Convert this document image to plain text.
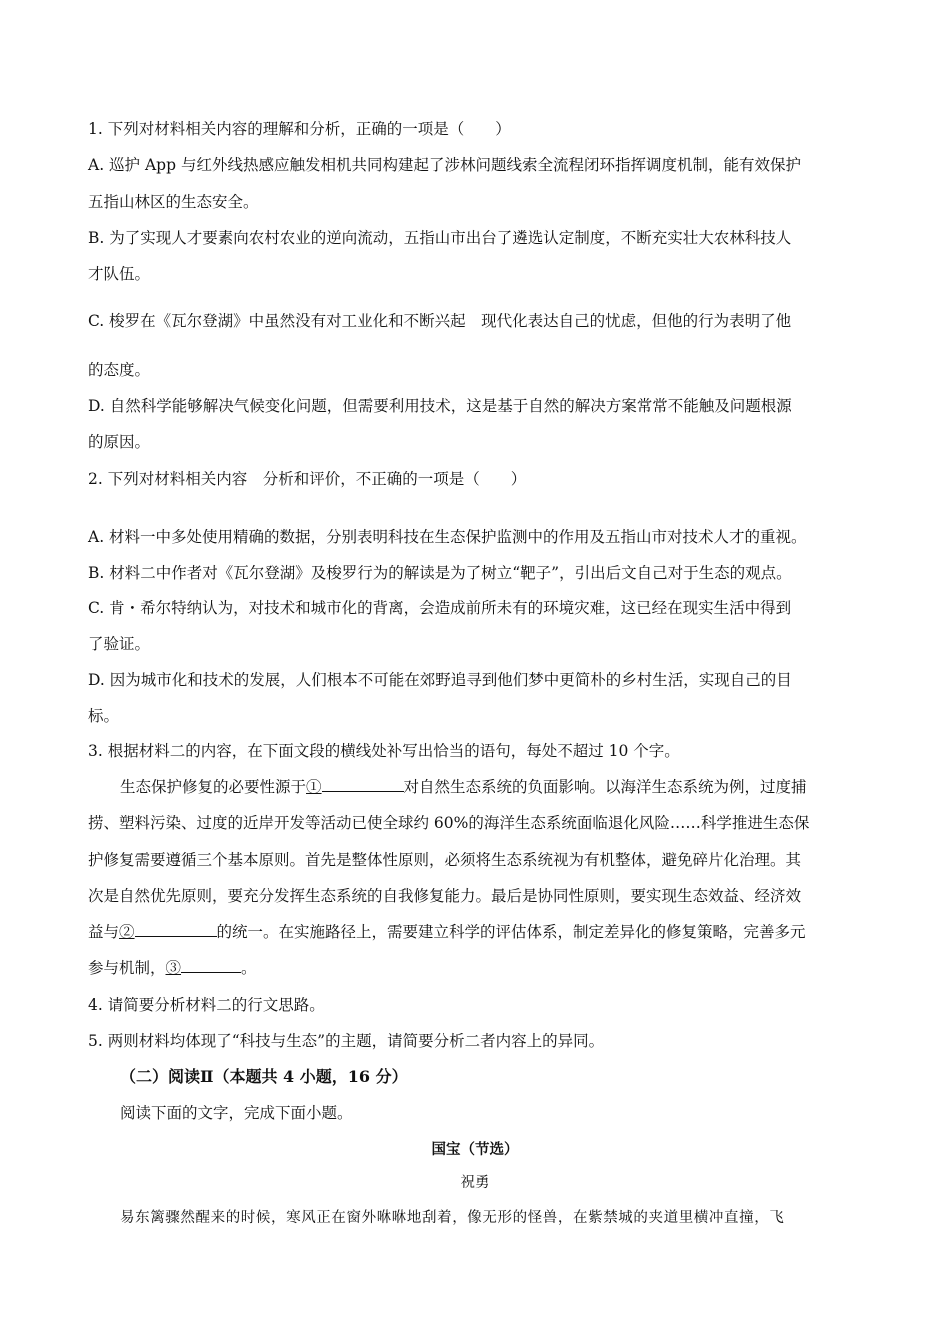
1. 下列对材料相关内容的理解和分析，正确的一项是（　　）
A. 巡护 App 与红外线热感应触发相机共同构建起了涉林问题线索全流程闭环指挥调度机制，能有效保护
五指山林区的生态安全。
B. 为了实现人才要素向农村农业的逆向流动，五指山市出台了遴选认定制度，不断充实壮大农林科技人
才队伍。
C. 梭罗在《瓦尔登湖》中虽然没有对工业化和不断兴起　现代化表达自己的忧虑，但他的行为表明了他
的态度。
D. 自然科学能够解决气候变化问题，但需要利用技术，这是基于自然的解决方案常常不能触及问题根源
的原因。
2. 下列对材料相关内容　分析和评价，不正确的一项是（　　）
A. 材料一中多处使用精确的数据，分别表明科技在生态保护监测中的作用及五指山市对技术人才的重视。
B. 材料二中作者对《瓦尔登湖》及梭罗行为的解读是为了树立“靶子”，引出后文自己对于生态的观点。
C. 肯・希尔特纳认为，对技术和城市化的背离，会造成前所未有的环境灾难，这已经在现实生活中得到
了验证。
D. 因为城市化和技术的发展，人们根本不可能在郊野追寻到他们梦中更简朴的乡村生活，实现自己的目
标。
3. 根据材料二的内容，在下面文段的横线处补写出恰当的语句，每处不超过 10 个字。
生态保护修复的必要性源于①	对自然生态系统的负面影响。以海洋生态系统为例，过度捕
捞、塑料污染、过度的近岸开发等活动已使全球约 60%的海洋生态系统面临退化风险……科学推进生态保
护修复需要遵循三个基本原则。首先是整体性原则，必须将生态系统视为有机整体，避免碎片化治理。其
次是自然优先原则，要充分发挥生态系统的自我修复能力。最后是协同性原则，要实现生态效益、经济效
益与②	的统一。在实施路径上，需要建立科学的评估体系，制定差异化的修复策略，完善多元
参与机制，③	。
4. 请简要分析材料二的行文思路。
5. 两则材料均体现了“科技与生态”的主题，请简要分析二者内容上的异同。
（二）阅读Ⅱ（本题共 4 小题，16 分）
阅读下面的文字，完成下面小题。
国宝（节选）
祝勇
易东篱骤然醒来的时候，寒风正在窗外咻咻地刮着，像无形的怪兽，在紫禁城的夹道里横冲直撞，飞
